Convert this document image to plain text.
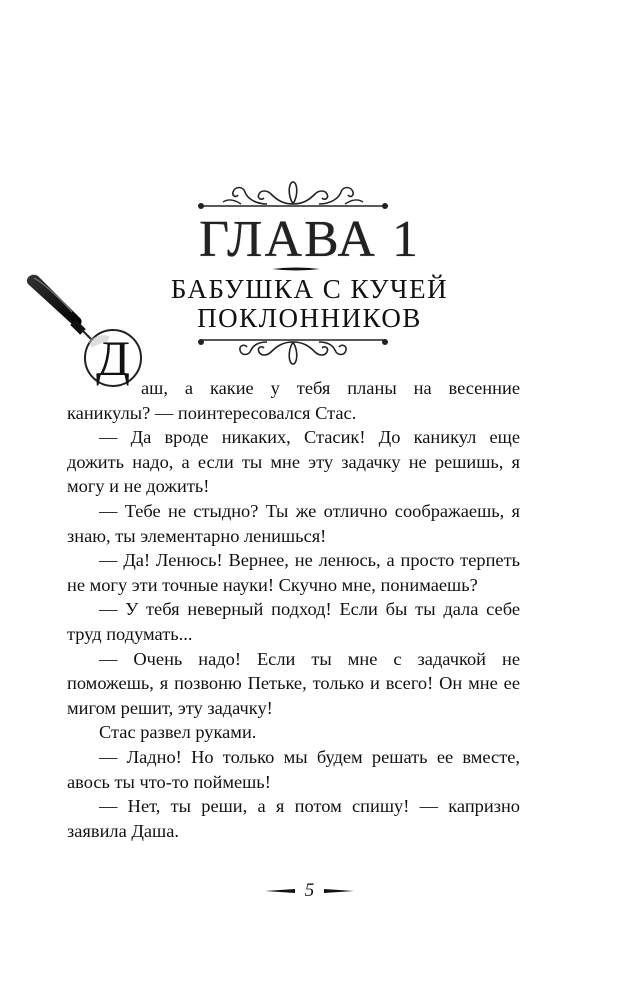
ГЛАВА 1
БАБУШКА С КУЧЕЙ
ПОКЛОННИКОВ
Д

аш, а какие у тебя планы на весенние каникулы? — поинтересовался Стас.

— Да вроде никаких, Стасик! До каникул еще дожить надо, а если ты мне эту задачку не решишь, я могу и не дожить!

— Тебе не стыдно? Ты же отлично соображаешь, я знаю, ты элементарно ленишься!

— Да! Ленюсь! Вернее, не ленюсь, а просто терпеть не могу эти точные науки! Скучно мне, понимаешь?

— У тебя неверный подход! Если бы ты дала себе труд подумать...

— Очень надо! Если ты мне с задачкой не поможешь, я позвоню Петьке, только и всего! Он мне ее мигом решит, эту задачку!

Стас развел руками.

— Ладно! Но только мы будем решать ее вместе, авось ты что-то поймешь!

— Нет, ты реши, а я потом спишу! — капризно заявила Даша.

5
